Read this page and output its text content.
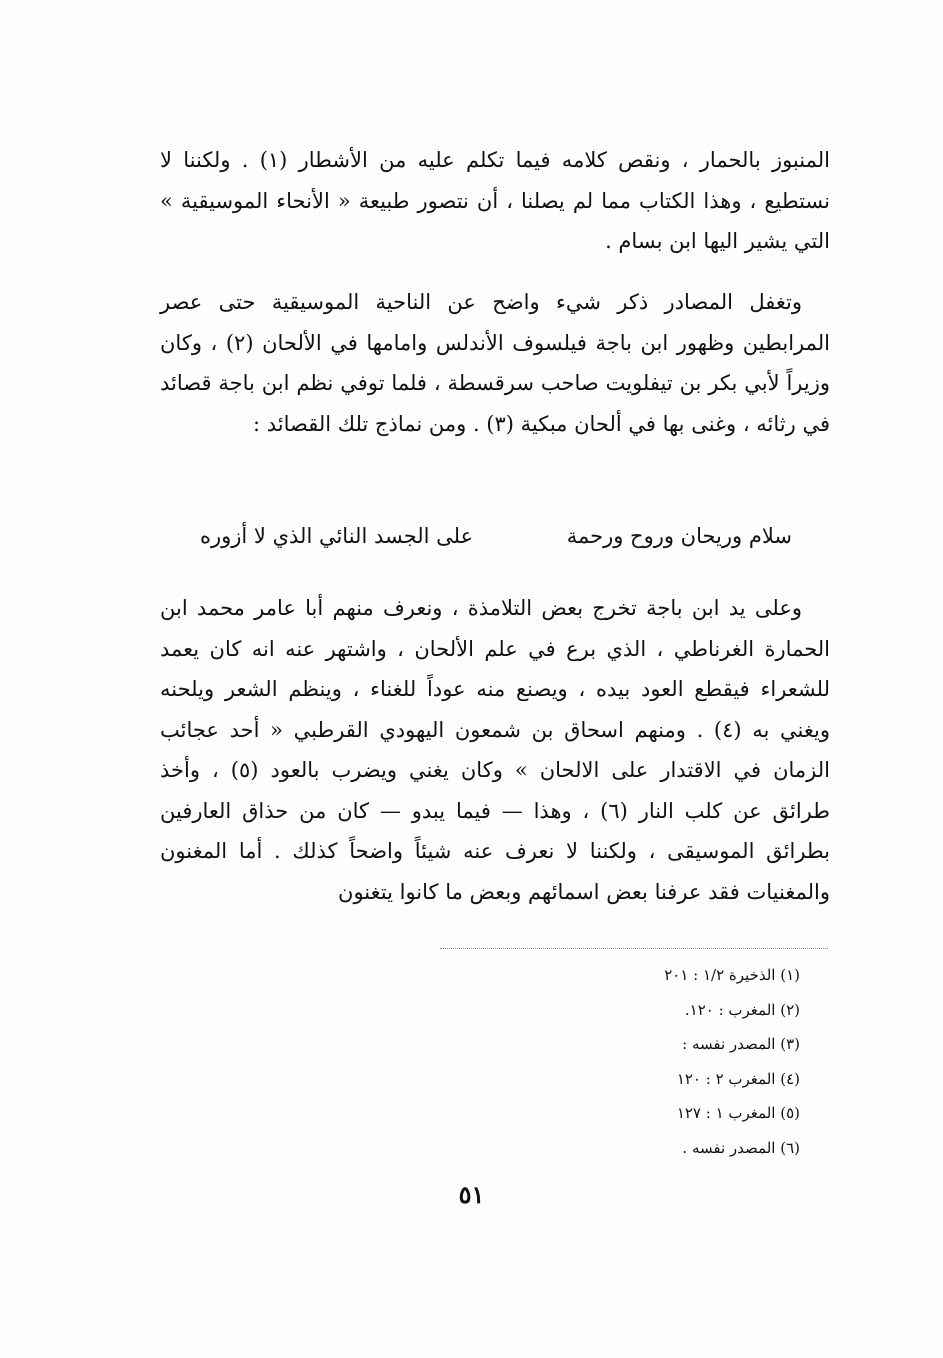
المنبوز بالحمار ، ونقص كلامه فيما تكلم عليه من الأشطار (١) . ولكننا لا نستطيع ، وهذا الكتاب مما لم يصلنا ، أن نتصور طبيعة « الأنحاء الموسيقية » التي يشير اليها ابن بسام .

وتغفل المصادر ذكر شيء واضح عن الناحية الموسيقية حتى عصر المرابطين وظهور ابن باجة فيلسوف الأندلس وامامها في الألحان (٢) ، وكان وزيراً لأبي بكر بن تيفلويت صاحب سرقسطة ، فلما توفي نظم ابن باجة قصائد في رثائه ، وغنى بها في ألحان مبكية (٣) . ومن نماذج تلك القصائد :

سلام وريحان وروح ورحمة
على الجسد النائي الذي لا أزوره

وعلى يد ابن باجة تخرج بعض التلامذة ، ونعرف منهم أبا عامر محمد ابن الحمارة الغرناطي ، الذي برع في علم الألحان ، واشتهر عنه انه كان يعمد للشعراء فيقطع العود بيده ، ويصنع منه عوداً للغناء ، وينظم الشعر ويلحنه ويغني به (٤) . ومنهم اسحاق بن شمعون اليهودي القرطبي « أحد عجائب الزمان في الاقتدار على الالحان » وكان يغني ويضرب بالعود (٥) ، وأخذ طرائق عن كلب النار (٦) ، وهذا — فيما يبدو — كان من حذاق العارفين بطرائق الموسيقى ، ولكننا لا نعرف عنه شيئاً واضحاً كذلك . أما المغنون والمغنيات فقد عرفنا بعض اسمائهم وبعض ما كانوا يتغنون

(١) الذخيرة ١/٢ : ٢٠١
(٢) المغرب : ١٢٠.
(٣) المصدر نفسه :
(٤) المغرب ٢ : ١٢٠
(٥) المغرب ١ : ١٢٧
(٦) المصدر نفسه .
٥١
